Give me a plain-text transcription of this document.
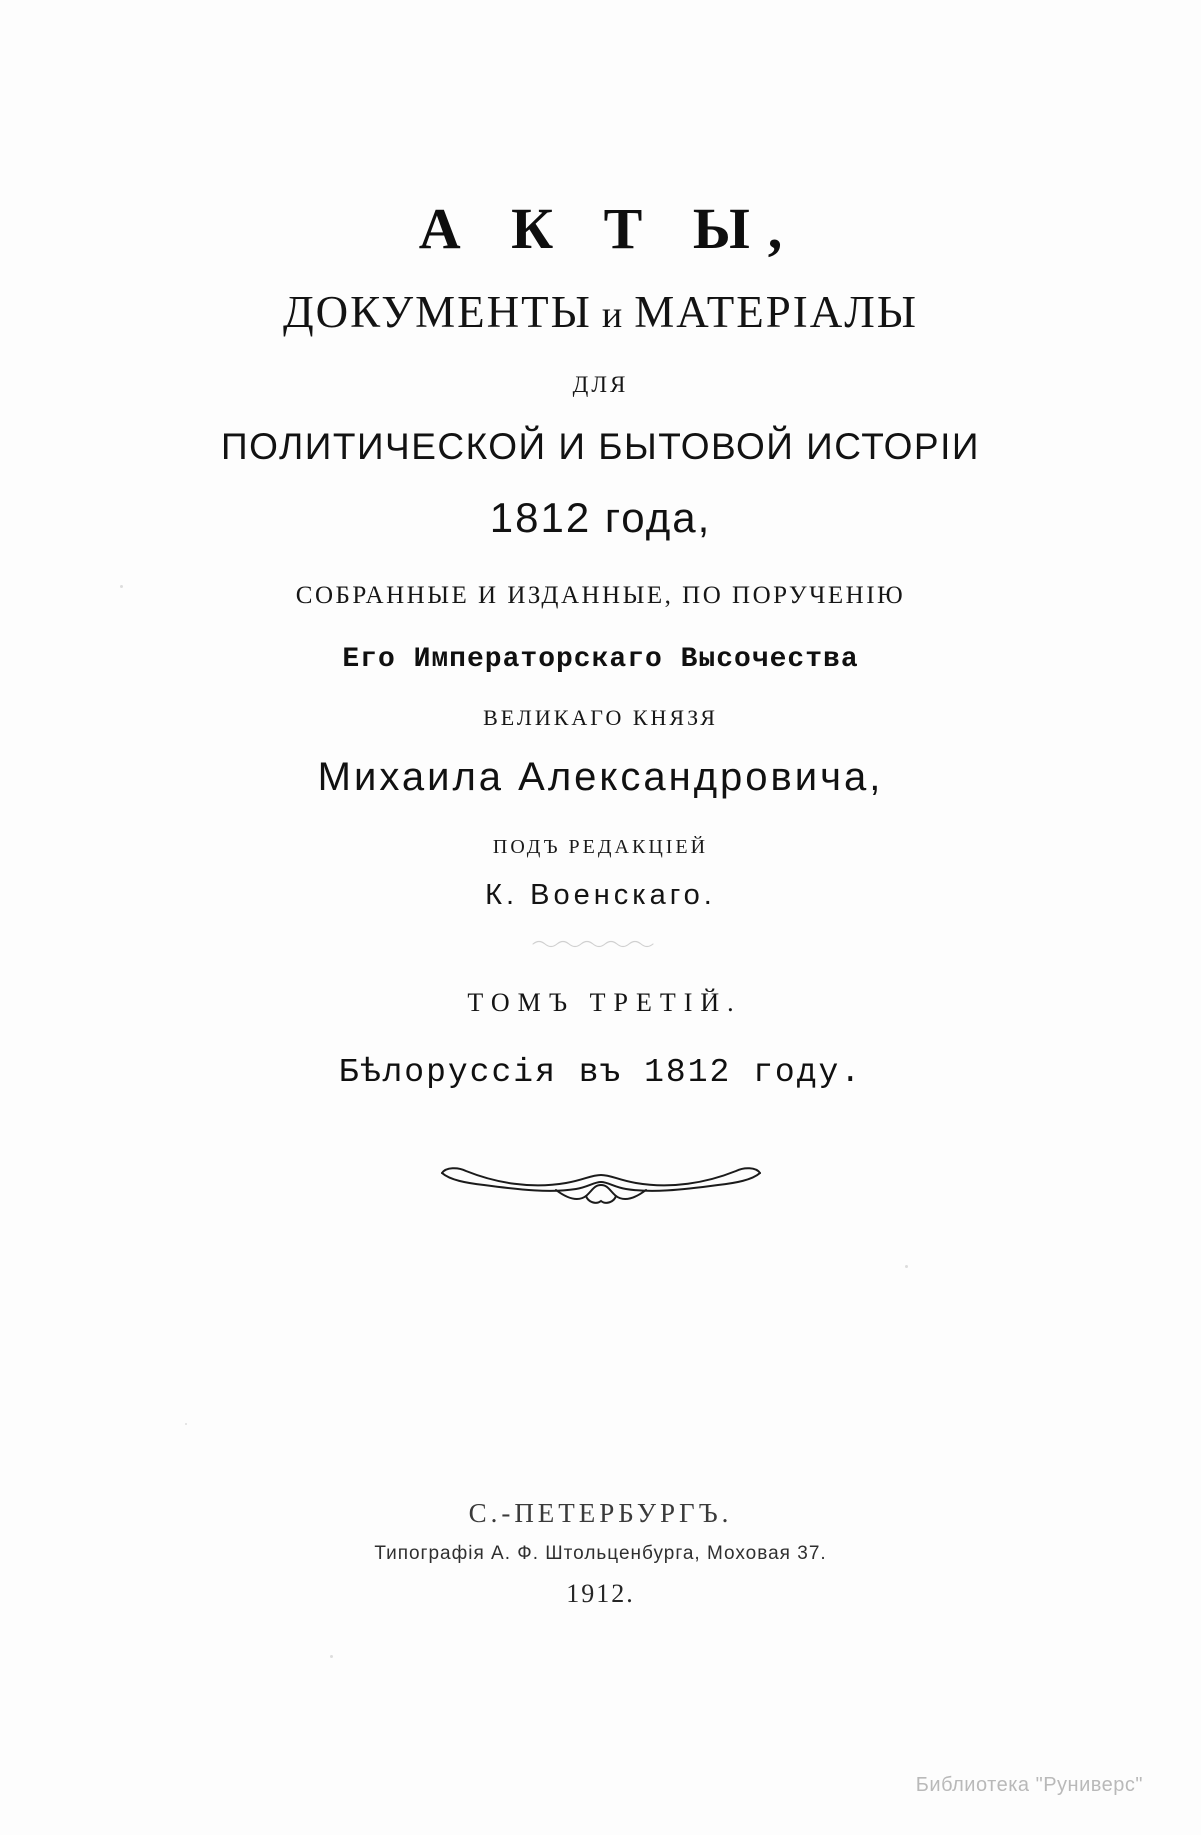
А К Т Ы,
ДОКУМЕНТЫ и МАТЕРІАЛЫ
ДЛЯ
ПОЛИТИЧЕСКОЙ И БЫТОВОЙ ИСТОРІИ
1812 года,
СОБРАННЫЕ И ИЗДАННЫЕ, ПО ПОРУЧЕНІЮ
Его Императорскаго Высочества
ВЕЛИКАГО КНЯЗЯ
Михаила Александровича,
ПОДЪ РЕДАКЦІЕЙ
К. Военскаго.
ТОМЪ ТРЕТІЙ.
Бѣлоруссія въ 1812 году.
С.-ПЕТЕРБУРГЪ.
Типографія А. Ф. Штольценбурга, Моховая 37.
1912.
Библиотека "Руниверс"
